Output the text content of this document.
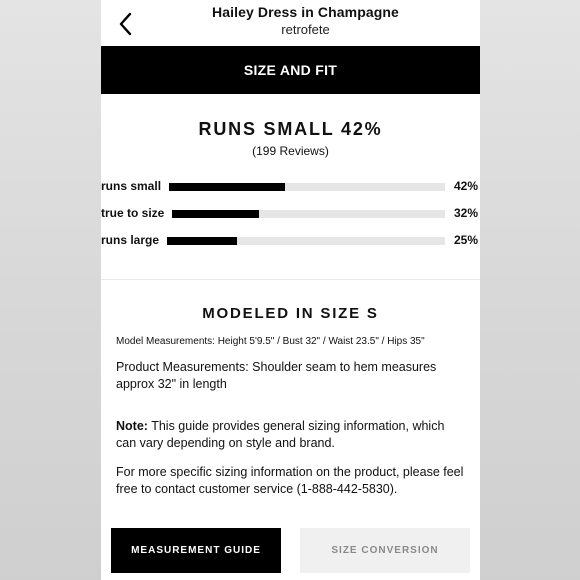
Hailey Dress in Champagne
retrofete
SIZE AND FIT
RUNS SMALL 42%
(199 Reviews)
runs small	42%
true to size	32%
runs large	25%
MODELED IN SIZE S
Model Measurements: Height 5'9.5" / Bust 32" / Waist 23.5" / Hips 35"
Product Measurements: Shoulder seam to hem measures approx 32" in length
Note: This guide provides general sizing information, which can vary depending on style and brand.
For more specific sizing information on the product, please feel free to contact customer service (1-888-442-5830).
MEASUREMENT GUIDE	SIZE CONVERSION
